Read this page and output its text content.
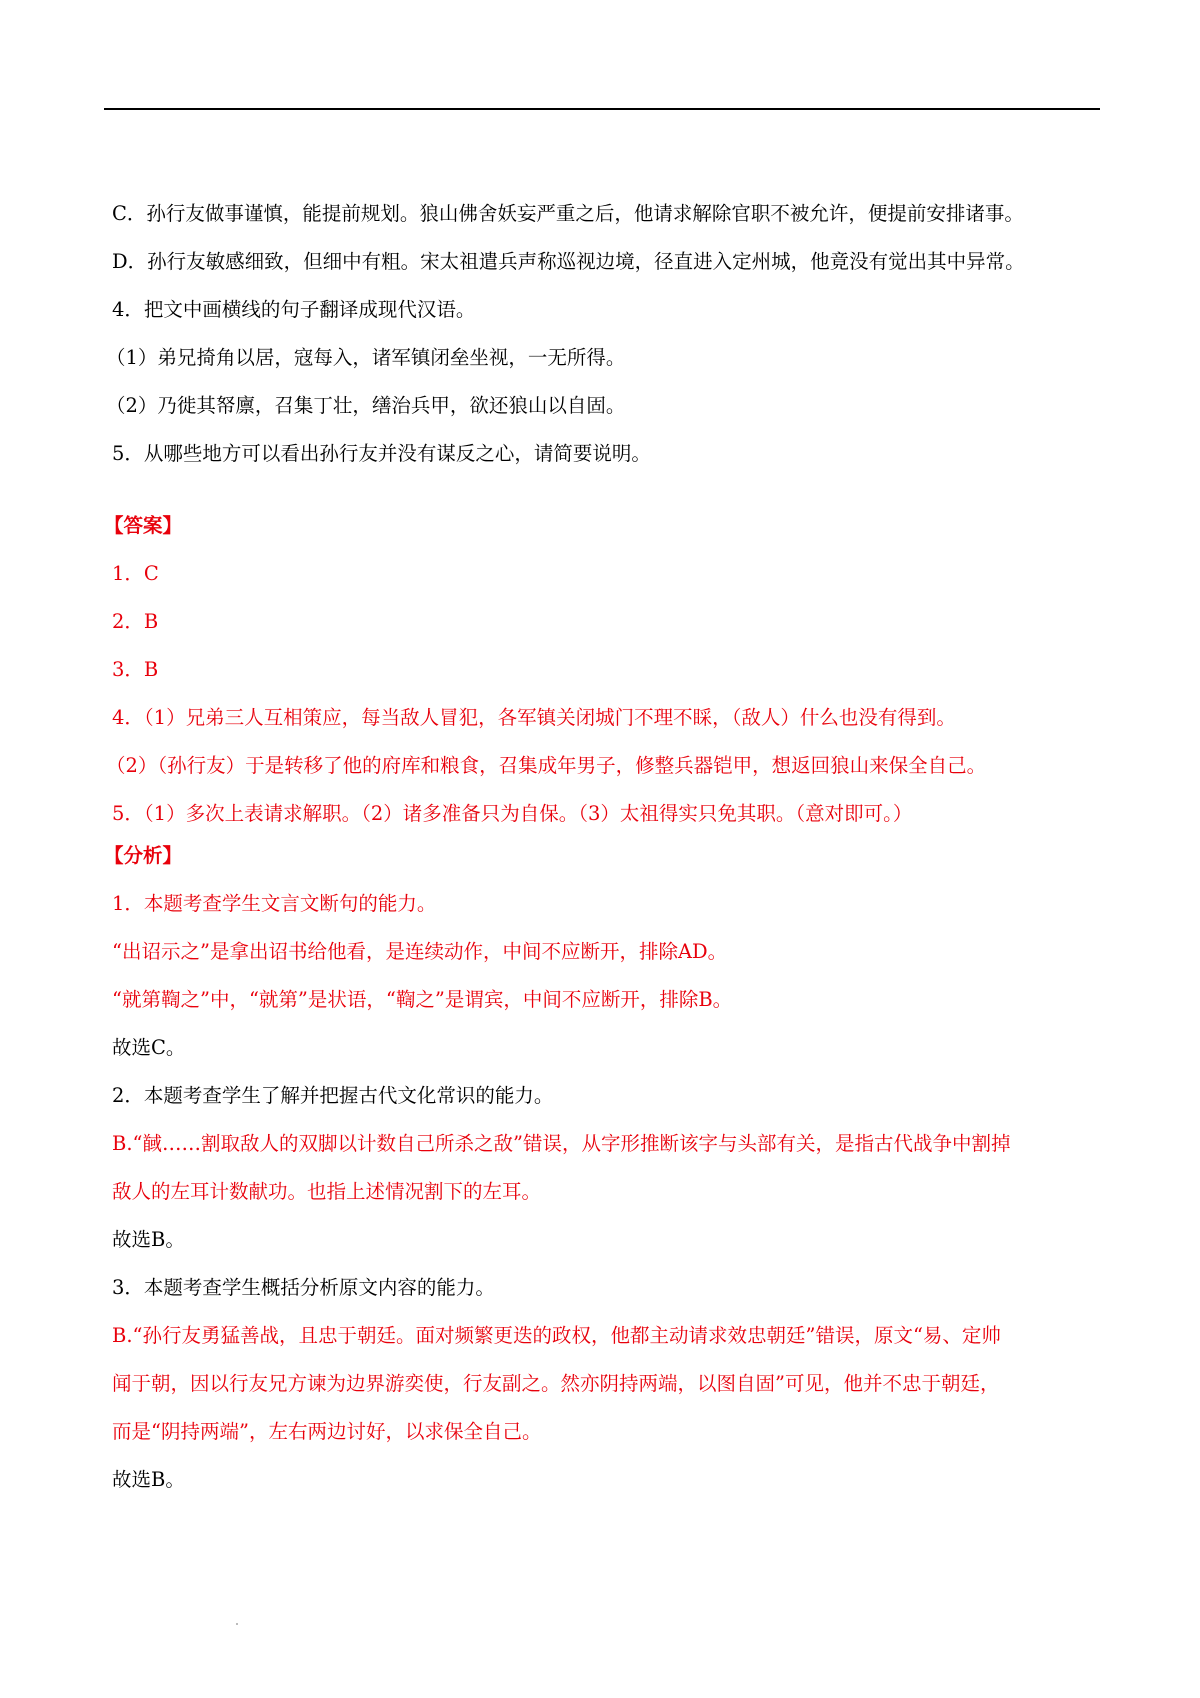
C．孙行友做事谨慎，能提前规划。狼山佛舍妖妄严重之后，他请求解除官职不被允许，便提前安排诸事。
D．孙行友敏感细致，但细中有粗。宋太祖遣兵声称巡视边境，径直进入定州城，他竟没有觉出其中异常。
4．把文中画横线的句子翻译成现代汉语。
（1）弟兄掎角以居，寇每入，诸军镇闭垒坐视，一无所得。
（2）乃徙其帑廪，召集丁壮，缮治兵甲，欲还狼山以自固。
5．从哪些地方可以看出孙行友并没有谋反之心，请简要说明。
【答案】
1．C
2．B
3．B
4．（1）兄弟三人互相策应，每当敌人冒犯，各军镇关闭城门不理不睬，（敌人）什么也没有得到。
（2）（孙行友）于是转移了他的府库和粮食，召集成年男子，修整兵器铠甲，想返回狼山来保全自己。
5．（1）多次上表请求解职。（2）诸多准备只为自保。（3）太祖得实只免其职。（意对即可。）
【分析】
1．本题考查学生文言文断句的能力。
“出诏示之”是拿出诏书给他看，是连续动作，中间不应断开，排除AD。
“就第鞫之”中，“就第”是状语，“鞫之”是谓宾，中间不应断开，排除B。
故选C。
2．本题考查学生了解并把握古代文化常识的能力。
B.“馘……割取敌人的双脚以计数自己所杀之敌”错误，从字形推断该字与头部有关，是指古代战争中割掉
敌人的左耳计数献功。也指上述情况割下的左耳。
故选B。
3．本题考查学生概括分析原文内容的能力。
B.“孙行友勇猛善战，且忠于朝廷。面对频繁更迭的政权，他都主动请求效忠朝廷”错误，原文“易、定帅
闻于朝，因以行友兄方谏为边界游奕使，行友副之。然亦阴持两端，以图自固”可见，他并不忠于朝廷，
而是“阴持两端”，左右两边讨好，以求保全自己。
故选B。
